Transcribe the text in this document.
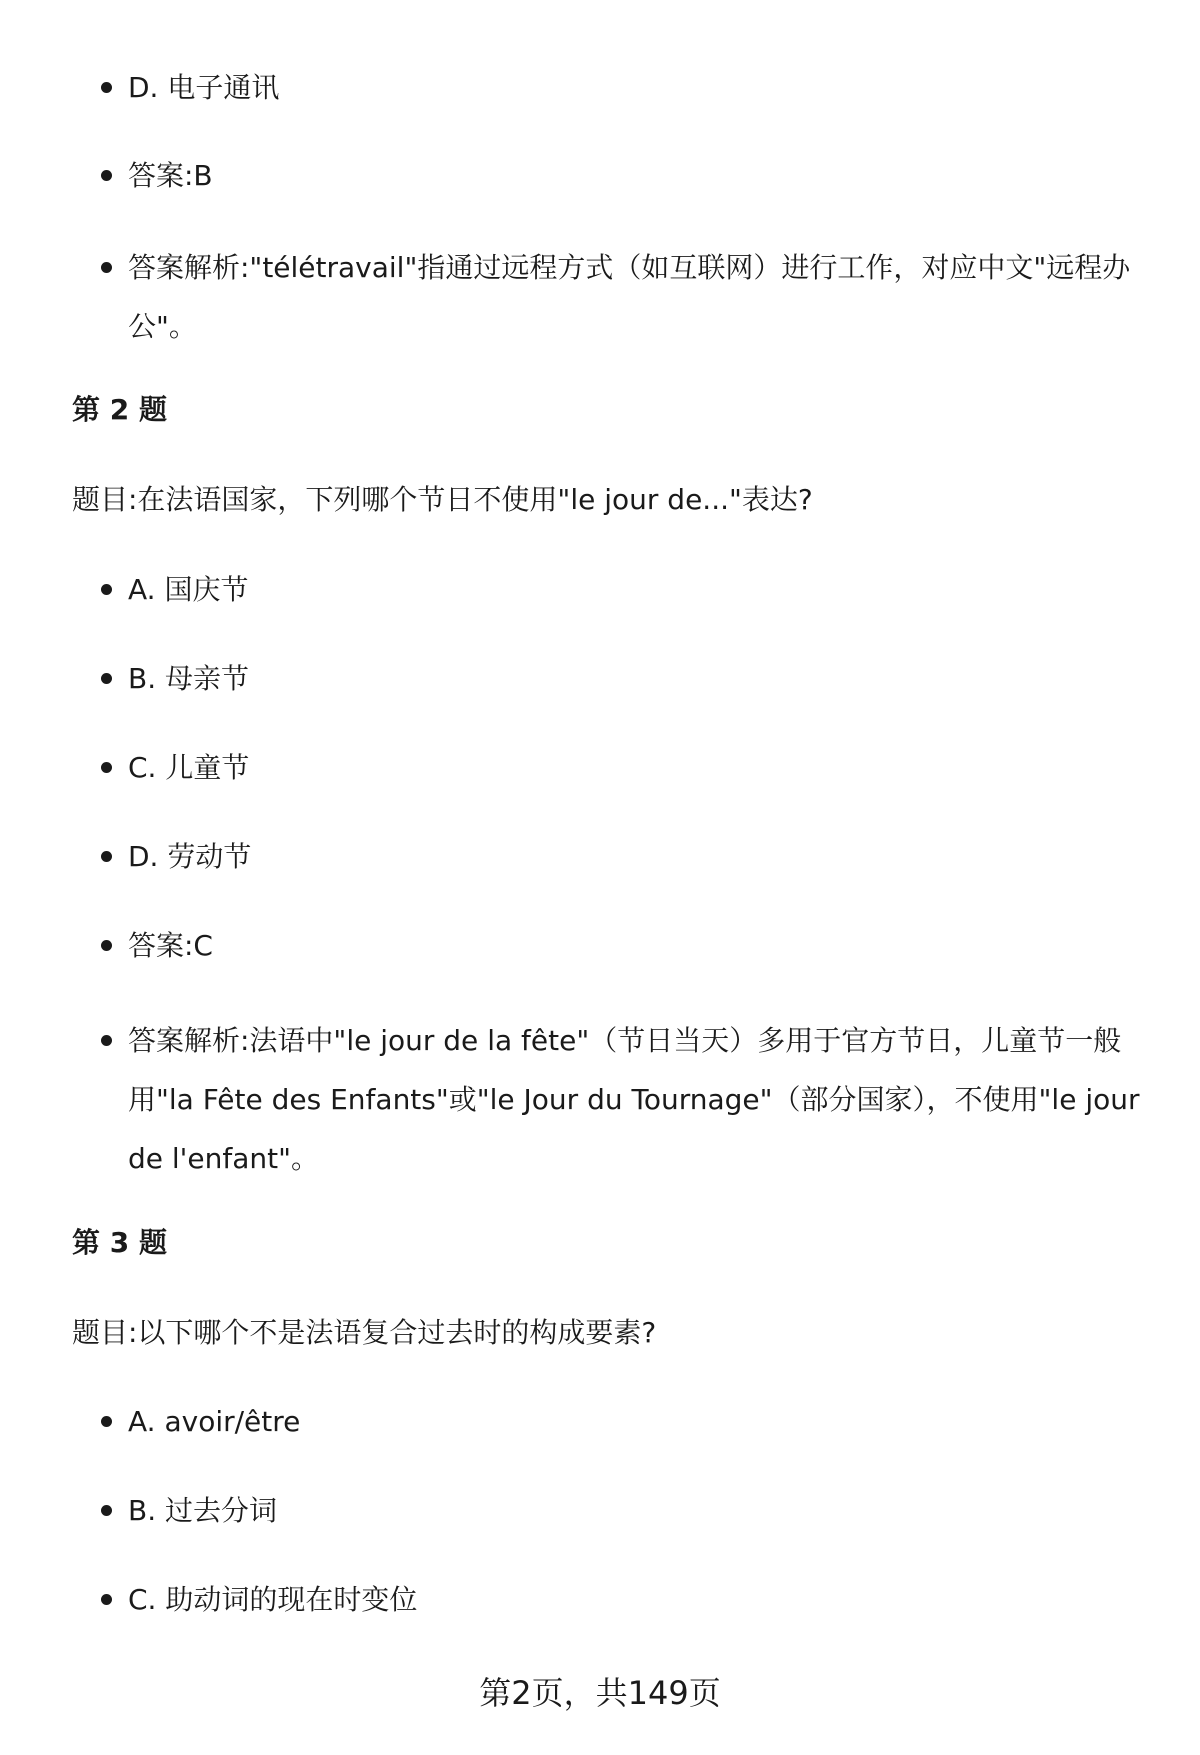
D. 电子通讯

答案:B

答案解析:"télétravail"指通过远程方式（如互联网）进行工作，对应中文"远程办公"。

第 2 题

题目:在法语国家，下列哪个节日不使用"le jour de..."表达?

A. 国庆节

B. 母亲节

C. 儿童节

D. 劳动节

答案:C

答案解析:法语中"le jour de la fête"（节日当天）多用于官方节日，儿童节一般用"la Fête des Enfants"或"le Jour du Tournage"（部分国家），不使用"le jour de l'enfant"。

第 3 题

题目:以下哪个不是法语复合过去时的构成要素?

A. avoir/être

B. 过去分词

C. 助动词的现在时变位

第2页，共149页
